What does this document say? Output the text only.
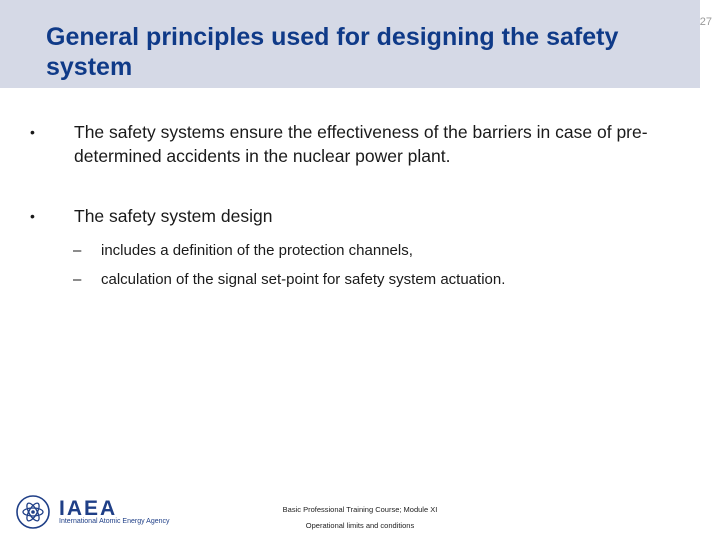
General principles used for designing the safety system
27
• The safety systems ensure the effectiveness of the barriers in case of pre-determined accidents in the nuclear power plant.
• The safety system design
– includes a definition of the protection channels,
– calculation of the signal set-point for safety system actuation.
IAEA
International Atomic Energy Agency
Basic Professional Training Course; Module XI
Operational limits and conditions
